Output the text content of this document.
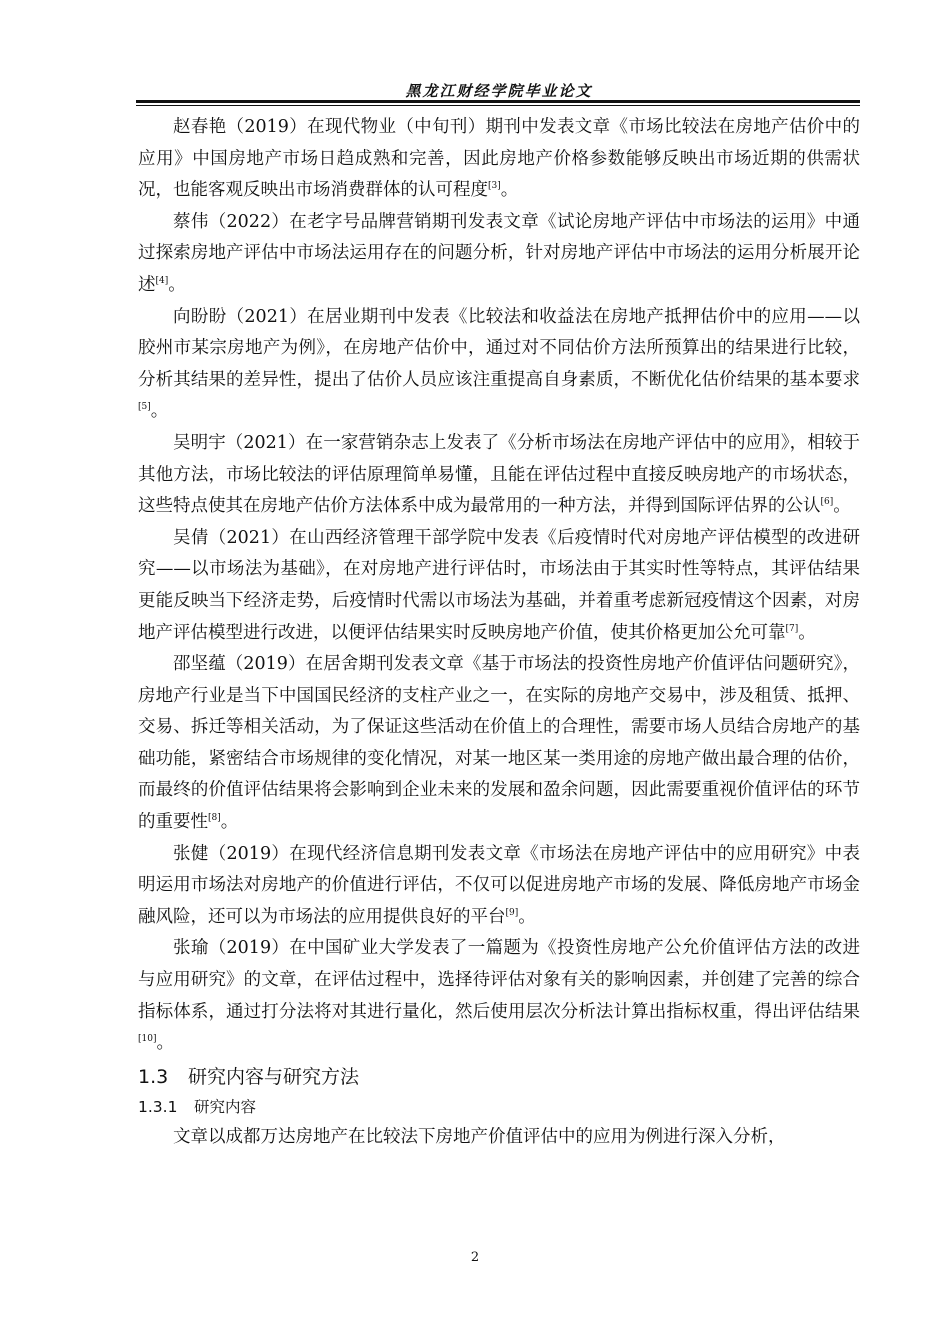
黑龙江财经学院毕业论文

赵春艳（2019）在现代物业（中旬刊）期刊中发表文章《市场比较法在房地产估价中的应用》中国房地产市场日趋成熟和完善，因此房地产价格参数能够反映出市场近期的供需状况，也能客观反映出市场消费群体的认可程度[3]。

蔡伟（2022）在老字号品牌营销期刊发表文章《试论房地产评估中市场法的运用》中通过探索房地产评估中市场法运用存在的问题分析，针对房地产评估中市场法的运用分析展开论述[4]。

向盼盼（2021）在居业期刊中发表《比较法和收益法在房地产抵押估价中的应用——以胶州市某宗房地产为例》，在房地产估价中，通过对不同估价方法所预算出的结果进行比较，分析其结果的差异性，提出了估价人员应该注重提高自身素质，不断优化估价结果的基本要求[5]。

吴明宇（2021）在一家营销杂志上发表了《分析市场法在房地产评估中的应用》，相较于其他方法，市场比较法的评估原理简单易懂，且能在评估过程中直接反映房地产的市场状态，这些特点使其在房地产估价方法体系中成为最常用的一种方法，并得到国际评估界的公认[6]。

吴倩（2021）在山西经济管理干部学院中发表《后疫情时代对房地产评估模型的改进研究——以市场法为基础》，在对房地产进行评估时，市场法由于其实时性等特点，其评估结果更能反映当下经济走势，后疫情时代需以市场法为基础，并着重考虑新冠疫情这个因素，对房地产评估模型进行改进，以便评估结果实时反映房地产价值，使其价格更加公允可靠[7]。

邵坚蕴（2019）在居舍期刊发表文章《基于市场法的投资性房地产价值评估问题研究》，房地产行业是当下中国国民经济的支柱产业之一，在实际的房地产交易中，涉及租赁、抵押、交易、拆迁等相关活动，为了保证这些活动在价值上的合理性，需要市场人员结合房地产的基础功能，紧密结合市场规律的变化情况，对某一地区某一类用途的房地产做出最合理的估价，而最终的价值评估结果将会影响到企业未来的发展和盈余问题，因此需要重视价值评估的环节的重要性[8]。

张健（2019）在现代经济信息期刊发表文章《市场法在房地产评估中的应用研究》中表明运用市场法对房地产的价值进行评估，不仅可以促进房地产市场的发展、降低房地产市场金融风险，还可以为市场法的应用提供良好的平台[9]。

张瑜（2019）在中国矿业大学发表了一篇题为《投资性房地产公允价值评估方法的改进与应用研究》的文章，在评估过程中，选择待评估对象有关的影响因素，并创建了完善的综合指标体系，通过打分法将对其进行量化，然后使用层次分析法计算出指标权重，得出评估结果[10]。

1.3 研究内容与研究方法
1.3.1 研究内容

文章以成都万达房地产在比较法下房地产价值评估中的应用为例进行深入分析，

2
